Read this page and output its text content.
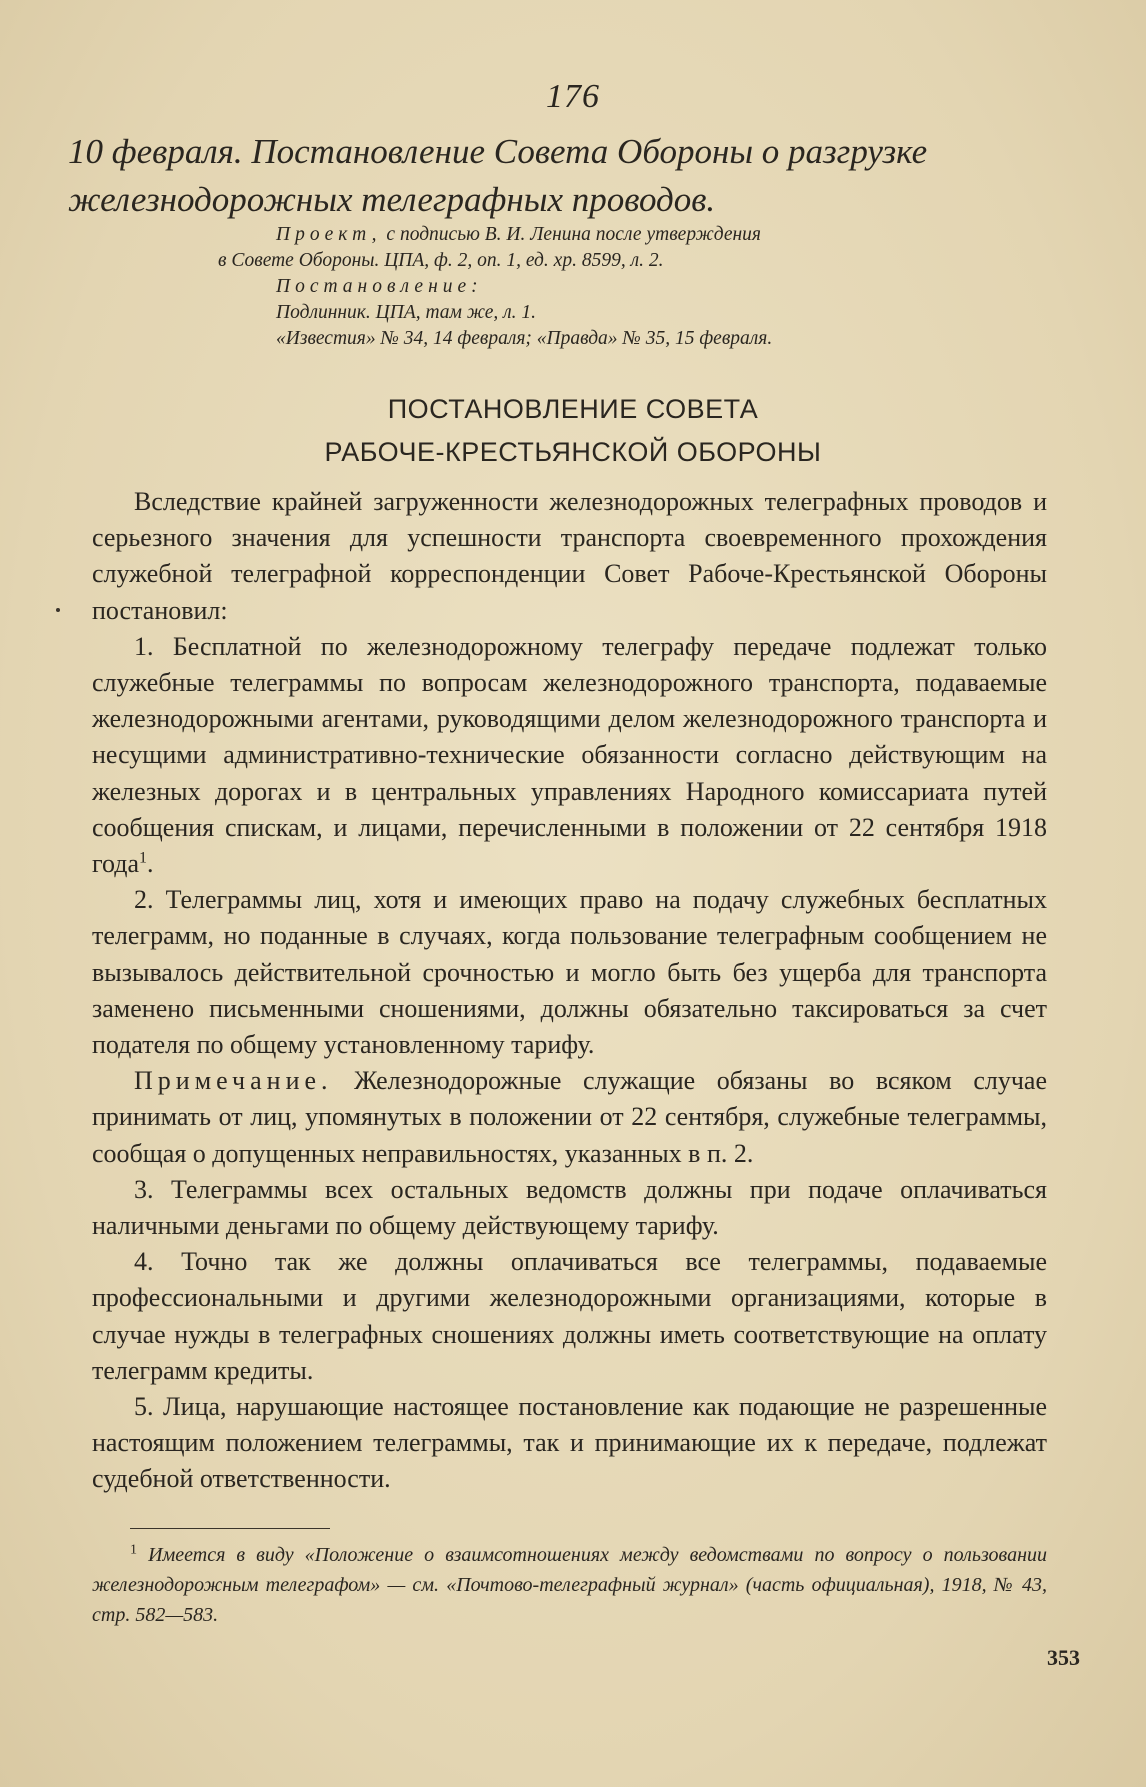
176
10 февраля. Постановление Совета Обороны о разгрузке

железнодорожных телеграфных проводов.
Проект, с подписью В. И. Ленина после утверждения
в Совете Обороны. ЦПА, ф. 2, оп. 1, ед. хр. 8599, л. 2.
Постановление:
Подлинник. ЦПА, там же, л. 1.
«Известия» № 34, 14 февраля; «Правда» № 35, 15 февраля.
ПОСТАНОВЛЕНИЕ СОВЕТА
РАБОЧЕ-КРЕСТЬЯНСКОЙ ОБОРОНЫ

Вследствие крайней загруженности железнодорожных телеграфных проводов и серьезного значения для успешности транспорта своевременного прохождения служебной телеграфной корреспонденции Совет Рабоче-Крестьянской Обороны постановил:

1. Бесплатной по железнодорожному телеграфу передаче подлежат только служебные телеграммы по вопросам железнодорожного транспорта, подаваемые железнодорожными агентами, руководящими делом железнодорожного транспорта и несущими административно-технические обязанности согласно действующим на железных дорогах и в центральных управлениях Народного комиссариата путей сообщения спискам, и лицами, перечисленными в положении от 22 сентября 1918 года$^1$.

2. Телеграммы лиц, хотя и имеющих право на подачу служебных бесплатных телеграмм, но поданные в случаях, когда пользование телеграфным сообщением не вызывалось действительной срочностью и могло быть без ущерба для транспорта заменено письменными сношениями, должны обязательно таксироваться за счет подателя по общему установленному тарифу.

Примечание. Железнодорожные служащие обязаны во всяком случае принимать от лиц, упомянутых в положении от 22 сентября, служебные телеграммы, сообщая о допущенных неправильностях, указанных в п. 2.

3. Телеграммы всех остальных ведомств должны при подаче оплачиваться наличными деньгами по общему действующему тарифу.

4. Точно так же должны оплачиваться все телеграммы, подаваемые профессиональными и другими железнодорожными организациями, которые в случае нужды в телеграфных сношениях должны иметь соответствующие на оплату телеграмм кредиты.

5. Лица, нарушающие настоящее постановление как подающие не разрешенные настоящим положением телеграммы, так и принимающие их к передаче, подлежат судебной ответственности.

$^1$ Имеется в виду «Положение о взаимсотношениях между ведомствами по вопросу о пользовании железнодорожным телеграфом» — см. «Почтово-телеграфный журнал» (часть официальная), 1918, № 43, стр. 582—583.
353
